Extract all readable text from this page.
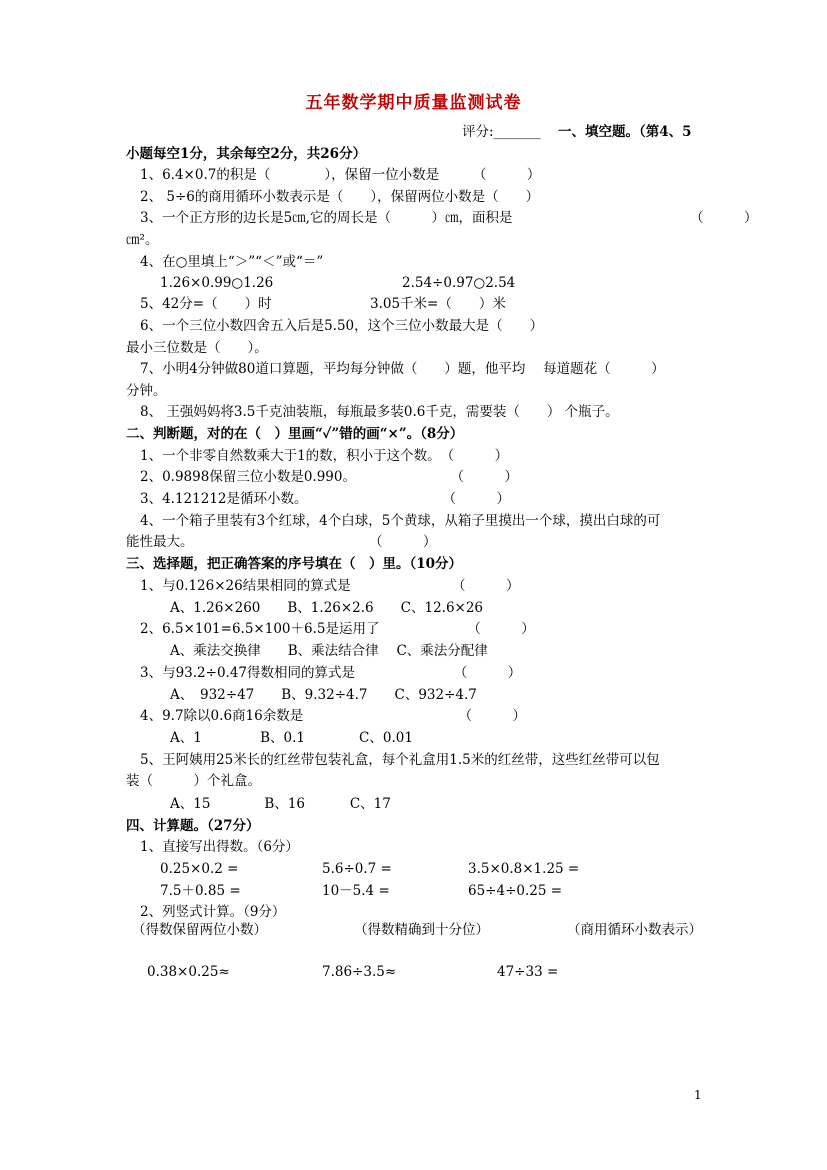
五年数学期中质量监测试卷
评分:_______ 一、填空题。（第4、5
小题每空1分，其余每空2分，共26分）
1、6.4×0.7的积是（　　　　），保留一位小数是　　　（　　　）
2、 5÷6的商用循环小数表示是（　　），保留两位小数是（　　）
3、一个正方形的边长是5㎝,它的周长是（　　　）㎝，面积是	（　　　）
㎝²。
4、在○里填上“＞”“＜”或“＝”
1.26×0.99○1.26	2.54÷0.97○2.54
5、42分=（　　）时	3.05千米=（　　）米
6、一个三位小数四舍五入后是5.50，这个三位小数最大是（　　）
最小三位数是（　　）。
7、小明4分钟做80道口算题，平均每分钟做（　　）题，他平均　 每道题花（　　　）
分钟。
8、 王强妈妈将3.5千克油装瓶，每瓶最多装0.6千克，需要装（　　） 个瓶子。
二、判断题，对的在（　）里画“✓”错的画“×”。（8分）
1、一个非零自然数乘大于1的数，积小于这个数。　（　　　）
2、0.9898保留三位小数是0.990。　　　　　　　　（　　　）
3、4.121212是循环小数。　　　　　　　　　　　（　　　）
4、一个箱子里装有3个红球，4个白球，5个黄球，从箱子里摸出一个球，摸出白球的可
能性最大。　　　　　　　　　　　　　　（　　　）
三、选择题，把正确答案的序号填在（　）里。（10分）
1、与0.126×26结果相同的算式是　　　　　　　　（　　　）
A、1.26×260　　B、1.26×2.6　　C、12.6×26
2、6.5×101=6.5×100＋6.5是运用了　　　　　　　（　　　）
A、乘法交换律　　B、乘法结合律　 C、乘法分配律
3、与93.2÷0.47得数相同的算式是　　　　　　　 （　　　）
A、　932÷47　　B、9.32÷4.7　　C、932÷4.7
4、9.7除以0.6商16余数是　　　　　　　　　　　　（　　　）
A、1　　　　 B、0.1　　　　C、0.01
5、王阿姨用25米长的红丝带包装礼盒，每个礼盒用1.5米的红丝带，这些红丝带可以包
装（　　　）个礼盒。
A、15　　　　B、16　　　 C、17
四、计算题。（27分）
1、直接写出得数。（6分）
0.25×0.2 =	5.6÷0.7 =	3.5×0.8×1.25 =
7.5＋0.85 =	10－5.4 =	65÷4÷0.25 =
2、列竖式计算。（9分）
（得数保留两位小数）	（得数精确到十分位）	（商用循环小数表示）
0.38×0.25≈	7.86÷3.5≈	47÷33 =
1
